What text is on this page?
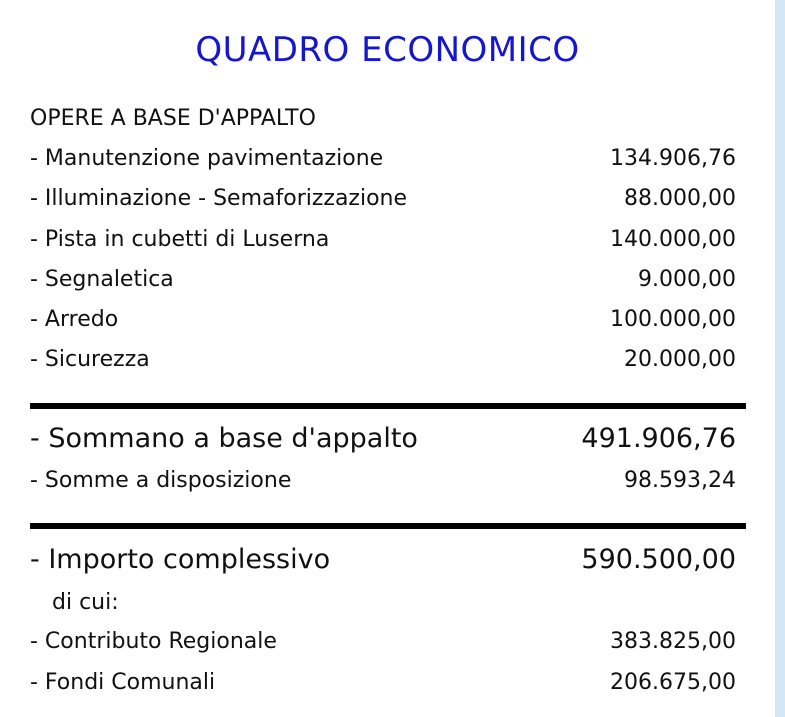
QUADRO ECONOMICO
OPERE A BASE D'APPALTO
- Manutenzione pavimentazione	134.906,76
- Illuminazione - Semaforizzazione	88.000,00
- Pista in cubetti di Luserna	140.000,00
- Segnaletica	9.000,00
- Arredo	100.000,00
- Sicurezza	20.000,00
- Sommano a base d'appalto	491.906,76
- Somme a disposizione	98.593,24
- Importo complessivo	590.500,00
di cui:
- Contributo Regionale	383.825,00
- Fondi Comunali	206.675,00
